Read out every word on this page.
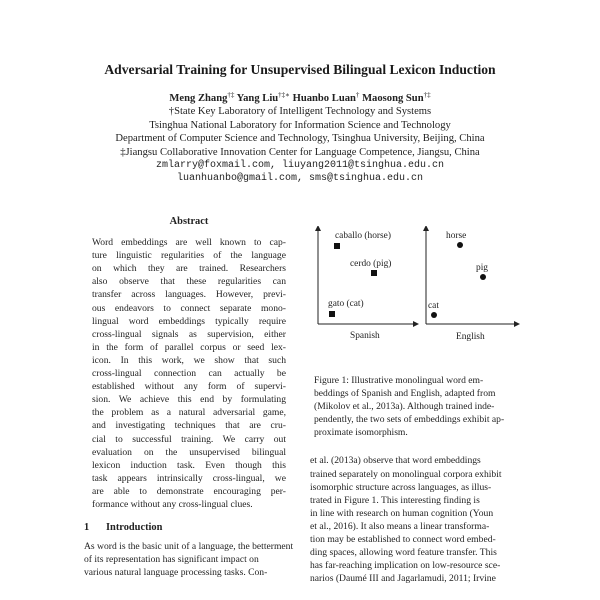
Adversarial Training for Unsupervised Bilingual Lexicon Induction
Meng Zhang†‡ Yang Liu†‡∗ Huanbo Luan† Maosong Sun†‡
†State Key Laboratory of Intelligent Technology and Systems
Tsinghua National Laboratory for Information Science and Technology
Department of Computer Science and Technology, Tsinghua University, Beijing, China
‡Jiangsu Collaborative Innovation Center for Language Competence, Jiangsu, China
zmlarry@foxmail.com, liuyang2011@tsinghua.edu.cn
luanhuanbo@gmail.com, sms@tsinghua.edu.cn
Abstract
Word embeddings are well known to cap-
ture linguistic regularities of the language
on which they are trained. Researchers
also observe that these regularities can
transfer across languages. However, previ-
ous endeavors to connect separate mono-
lingual word embeddings typically require
cross-lingual signals as supervision, either
in the form of parallel corpus or seed lex-
icon. In this work, we show that such
cross-lingual connection can actually be
established without any form of supervi-
sion. We achieve this end by formulating
the problem as a natural adversarial game,
and investigating techniques that are cru-
cial to successful training. We carry out
evaluation on the unsupervised bilingual
lexicon induction task. Even though this
task appears intrinsically cross-lingual, we
are able to demonstrate encouraging per-
formance without any cross-lingual clues.
1 Introduction
As word is the basic unit of a language, the betterment
of its representation has significant impact on
various natural language processing tasks. Con-
caballo (horse)
cerdo (pig)
gato (cat)
horse
pig
cat
Spanish	English
Figure 1: Illustrative monolingual word em-
beddings of Spanish and English, adapted from
(Mikolov et al., 2013a). Although trained inde-
pendently, the two sets of embeddings exhibit ap-
proximate isomorphism.
et al. (2013a) observe that word embeddings
trained separately on monolingual corpora exhibit
isomorphic structure across languages, as illus-
trated in Figure 1. This interesting finding is
in line with research on human cognition (Youn
et al., 2016). It also means a linear transforma-
tion may be established to connect word embed-
ding spaces, allowing word feature transfer. This
has far-reaching implication on low-resource sce-
narios (Daumé III and Jagarlamudi, 2011; Irvine
